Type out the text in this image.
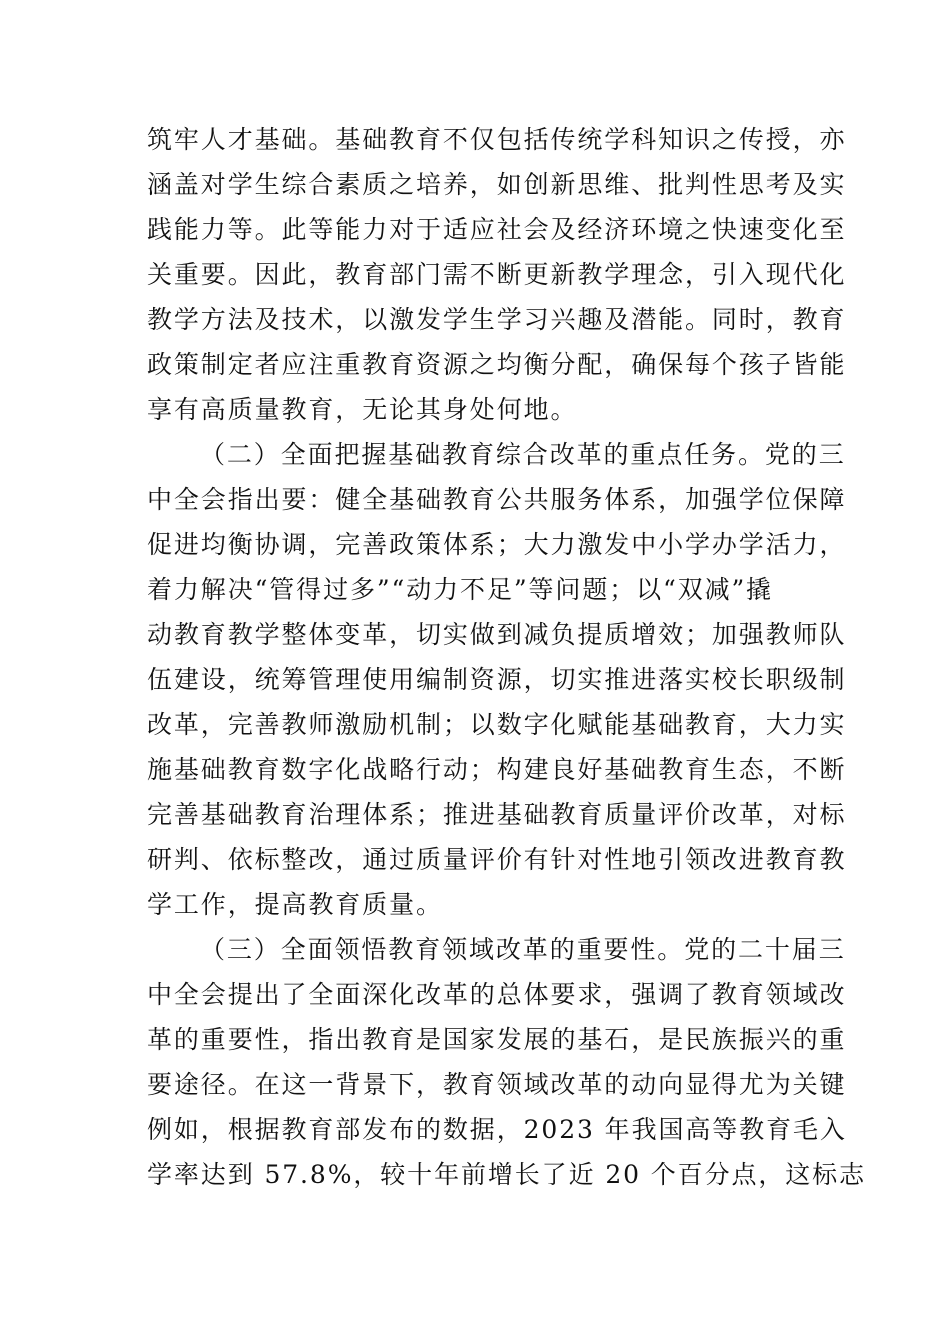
筑牢人才基础。基础教育不仅包括传统学科知识之传授，亦
涵盖对学生综合素质之培养，如创新思维、批判性思考及实
践能力等。此等能力对于适应社会及经济环境之快速变化至
关重要。因此，教育部门需不断更新教学理念，引入现代化
教学方法及技术，以激发学生学习兴趣及潜能。同时，教育
政策制定者应注重教育资源之均衡分配，确保每个孩子皆能
享有高质量教育，无论其身处何地。
（二）全面把握基础教育综合改革的重点任务。党的三
中全会指出要：健全基础教育公共服务体系，加强学位保障
促进均衡协调，完善政策体系；大力激发中小学办学活力，
着力解决“管得过多”“动力不足”等问题；以“双减”撬
动教育教学整体变革，切实做到减负提质增效；加强教师队
伍建设，统筹管理使用编制资源，切实推进落实校长职级制
改革，完善教师激励机制；以数字化赋能基础教育，大力实
施基础教育数字化战略行动；构建良好基础教育生态，不断
完善基础教育治理体系；推进基础教育质量评价改革，对标
研判、依标整改，通过质量评价有针对性地引领改进教育教
学工作，提高教育质量。
（三）全面领悟教育领域改革的重要性。党的二十届三
中全会提出了全面深化改革的总体要求，强调了教育领域改
革的重要性，指出教育是国家发展的基石，是民族振兴的重
要途径。在这一背景下，教育领域改革的动向显得尤为关键
例如，根据教育部发布的数据，2023 年我国高等教育毛入
学率达到 57.8%，较十年前增长了近 20 个百分点，这标志
